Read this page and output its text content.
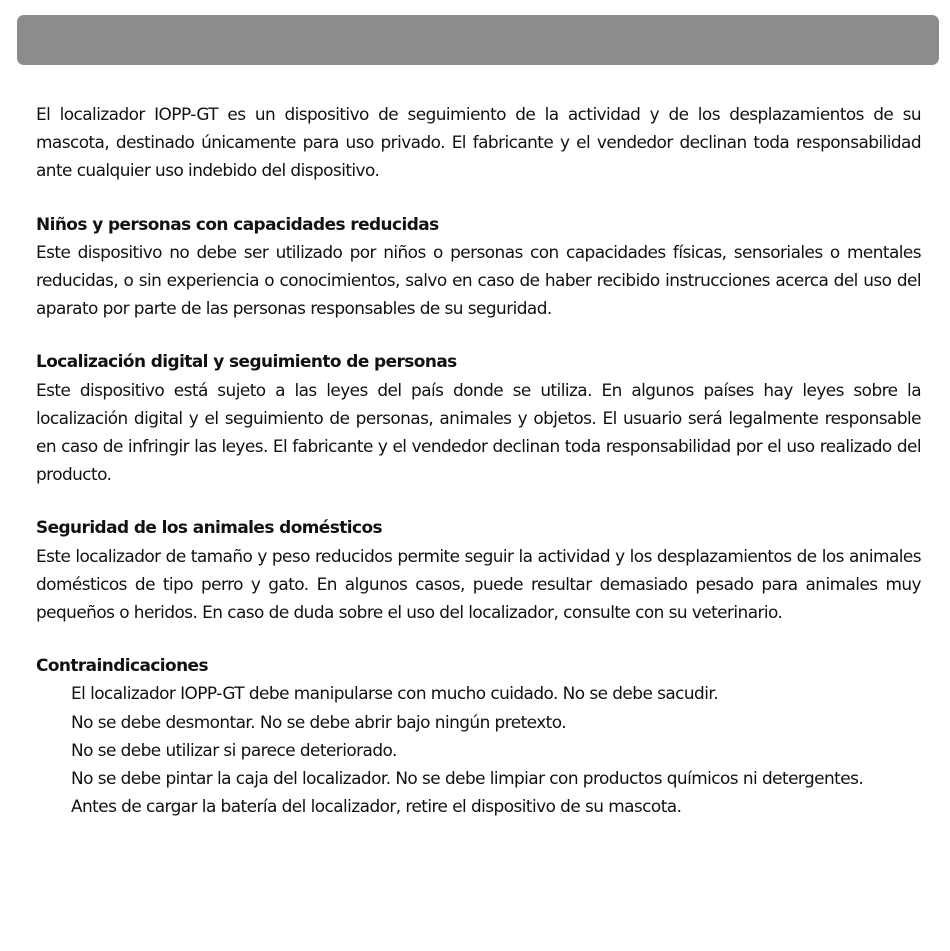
El localizador IOPP-GT es un dispositivo de seguimiento de la actividad y de los desplazamientos de su mascota, destinado únicamente para uso privado. El fabricante y el vendedor declinan toda responsabilidad ante cualquier uso indebido del dispositivo.

Niños y personas con capacidades reducidas

Este dispositivo no debe ser utilizado por niños o personas con capacidades físicas, sensoriales o mentales reducidas, o sin experiencia o conocimientos, salvo en caso de haber recibido instrucciones acerca del uso del aparato por parte de las personas responsables de su seguridad.

Localización digital y seguimiento de personas

Este dispositivo está sujeto a las leyes del país donde se utiliza. En algunos países hay leyes sobre la localización digital y el seguimiento de personas, animales y objetos. El usuario será legalmente responsable en caso de infringir las leyes. El fabricante y el vendedor declinan toda responsabilidad por el uso realizado del producto.

Seguridad de los animales domésticos

Este localizador de tamaño y peso reducidos permite seguir la actividad y los desplazamientos de los animales domésticos de tipo perro y gato. En algunos casos, puede resultar demasiado pesado para animales muy pequeños o heridos. En caso de duda sobre el uso del localizador, consulte con su veterinario.

Contraindicaciones

El localizador IOPP-GT debe manipularse con mucho cuidado. No se debe sacudir.
No se debe desmontar. No se debe abrir bajo ningún pretexto.
No se debe utilizar si parece deteriorado.
No se debe pintar la caja del localizador. No se debe limpiar con productos químicos ni detergentes.
Antes de cargar la batería del localizador, retire el dispositivo de su mascota.
